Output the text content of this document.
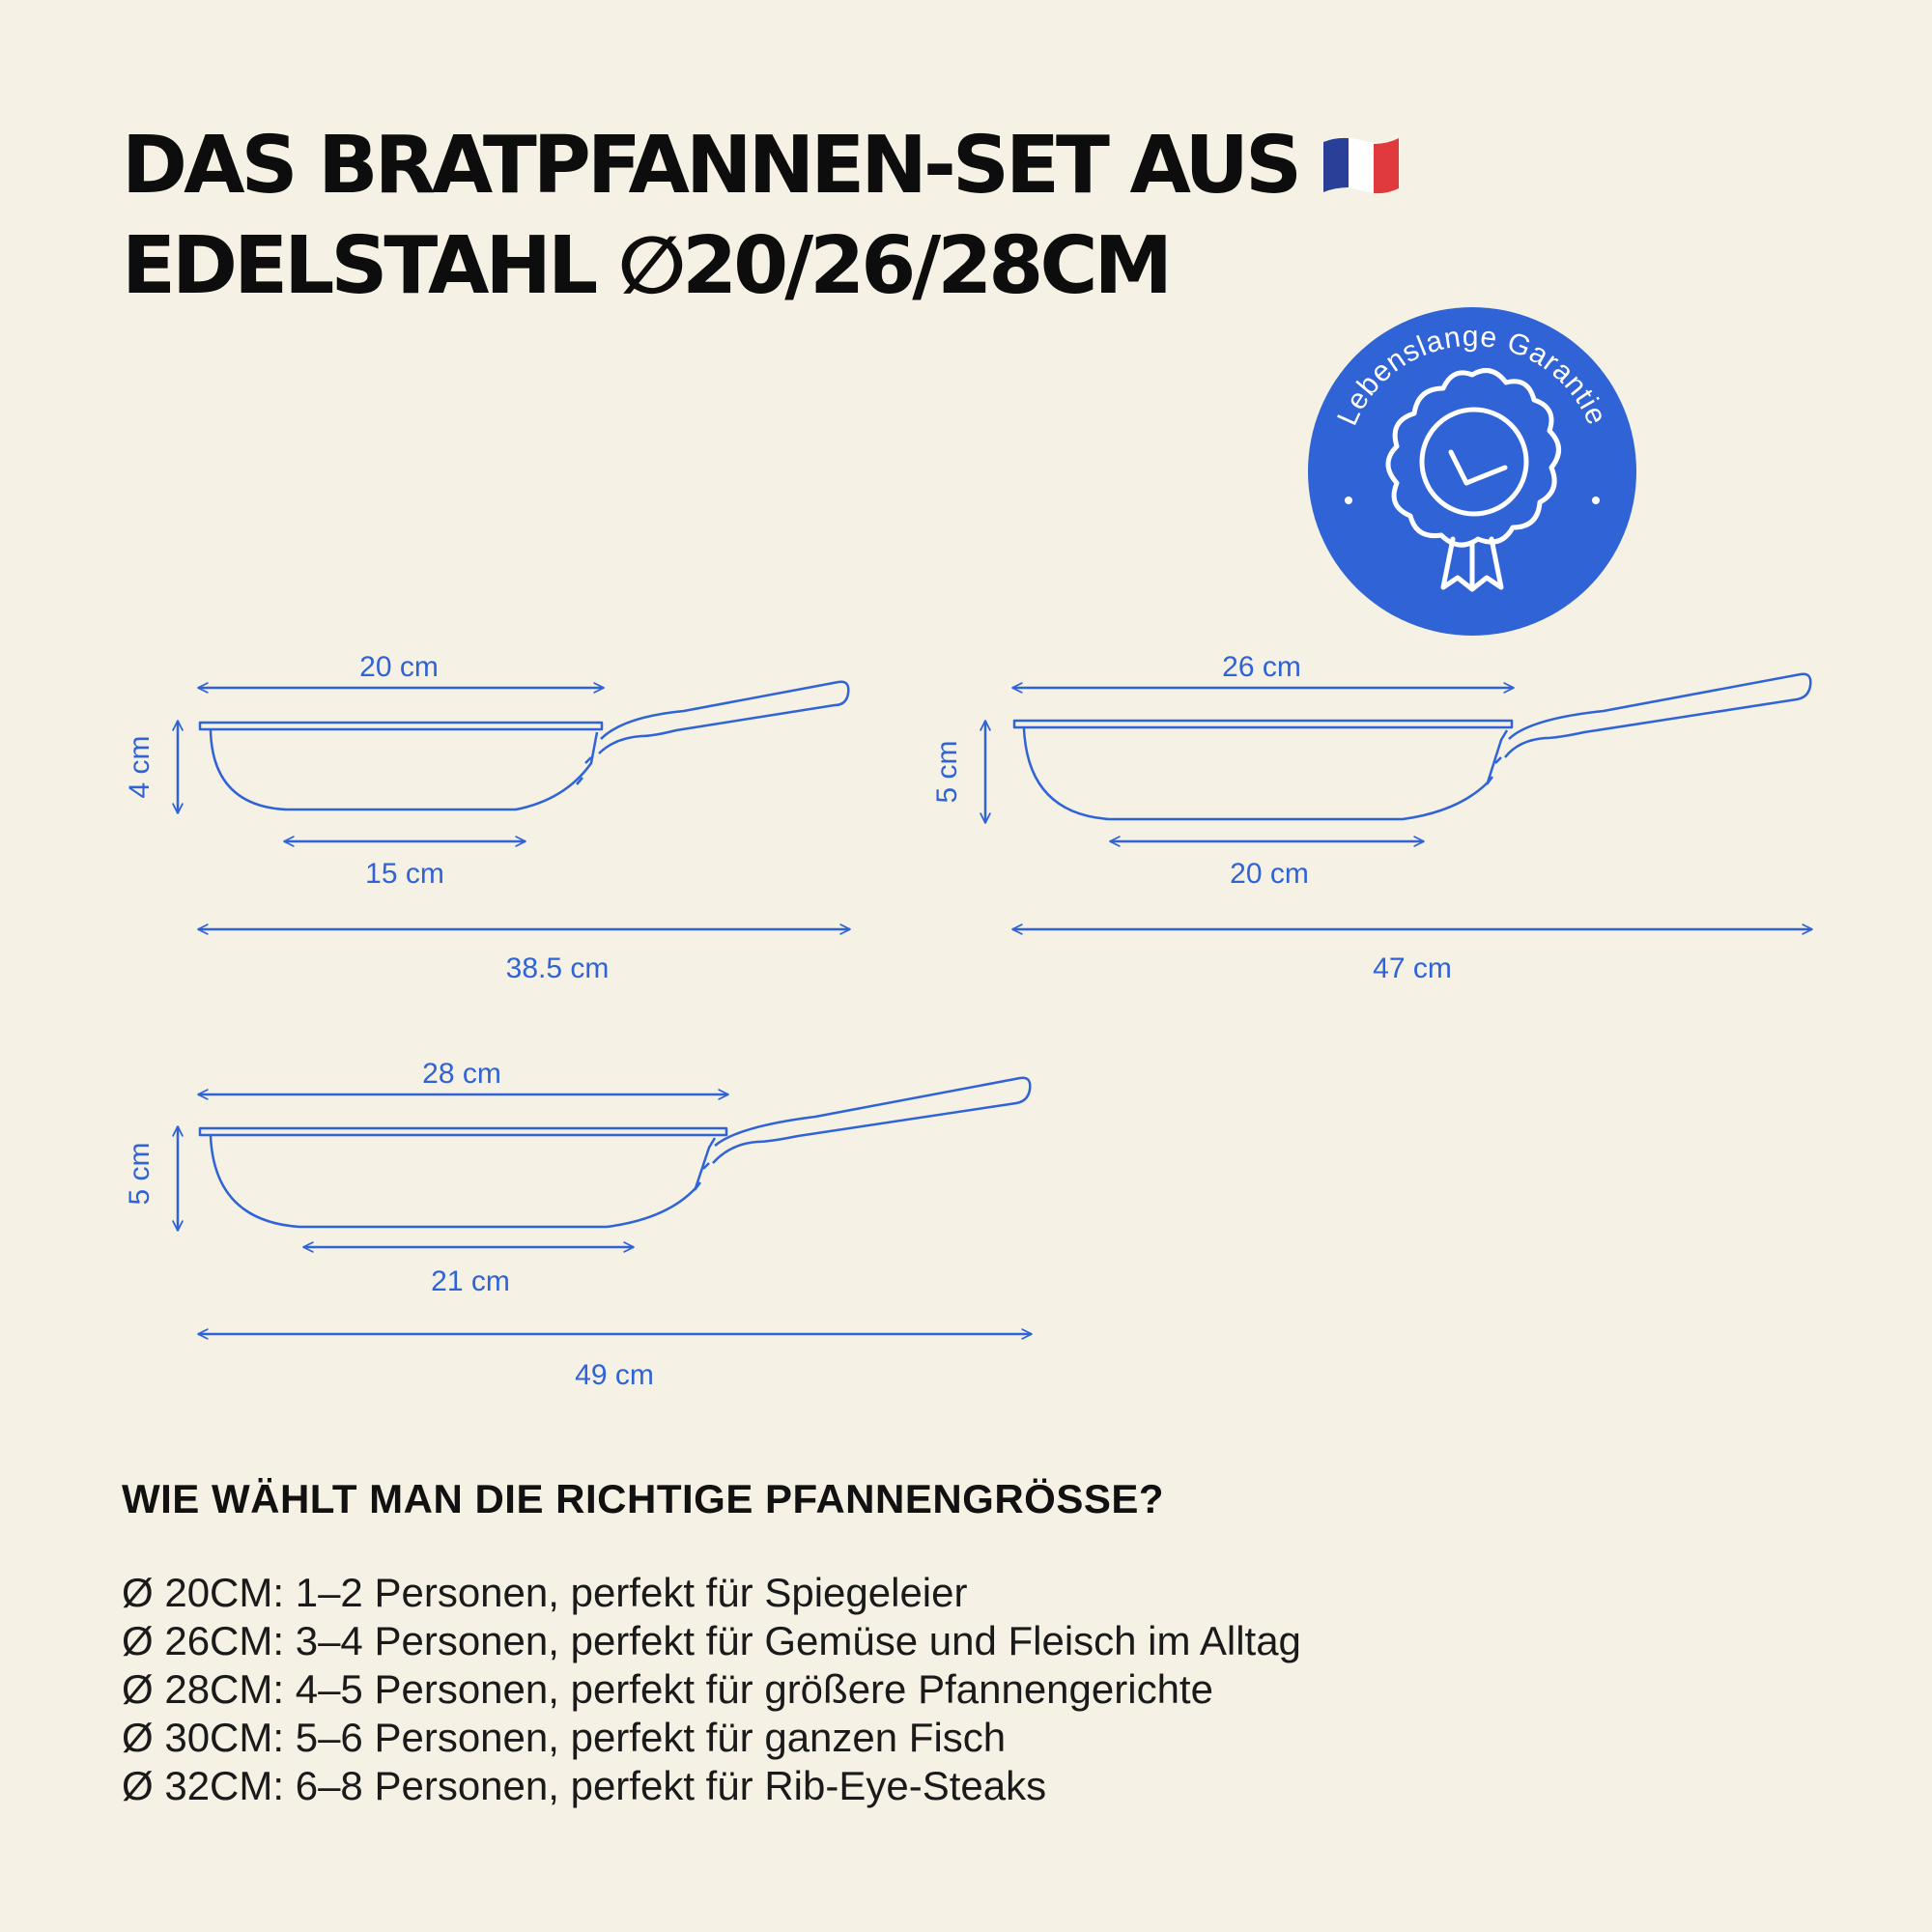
DAS BRATPFANNEN-SET AUS
EDELSTAHL ∅20/26/28CM
Lebenslange Garantie
20 cm
15 cm
38.5 cm
4 cm
26 cm
20 cm
47 cm
5 cm
28 cm
21 cm
49 cm
5 cm
WIE WÄHLT MAN DIE RICHTIGE PFANNENGRÖSSE?
Ø 20CM: 1–2 Personen, perfekt für Spiegeleier
Ø 26CM: 3–4 Personen, perfekt für Gemüse und Fleisch im Alltag
Ø 28CM: 4–5 Personen, perfekt für größere Pfannengerichte
Ø 30CM: 5–6 Personen, perfekt für ganzen Fisch
Ø 32CM: 6–8 Personen, perfekt für Rib-Eye-Steaks
